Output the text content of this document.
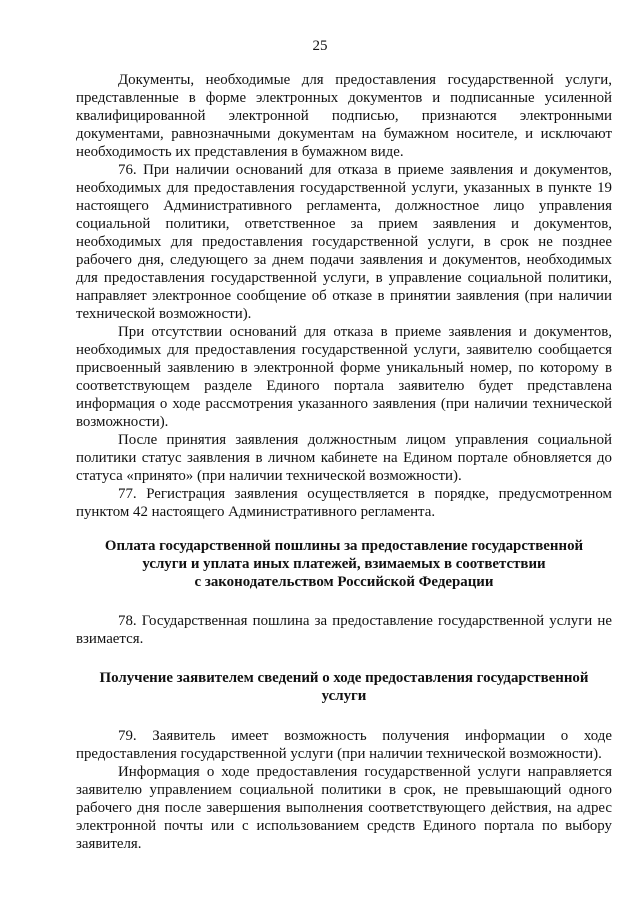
25

Документы, необходимые для предоставления государственной услуги, представленные в форме электронных документов и подписанные усиленной квалифицированной электронной подписью, признаются электронными документами, равнозначными документам на бумажном носителе, и исключают необходимость их представления в бумажном виде.

76. При наличии оснований для отказа в приеме заявления и документов, необходимых для предоставления государственной услуги, указанных в пункте 19 настоящего Административного регламента, должностное лицо управления социальной политики, ответственное за прием заявления и документов, необходимых для предоставления государственной услуги, в срок не позднее рабочего дня, следующего за днем подачи заявления и документов, необходимых для предоставления государственной услуги, в управление социальной политики, направляет электронное сообщение об отказе в принятии заявления (при наличии технической возможности).

При отсутствии оснований для отказа в приеме заявления и документов, необходимых для предоставления государственной услуги, заявителю сообщается присвоенный заявлению в электронной форме уникальный номер, по которому в соответствующем разделе Единого портала заявителю будет представлена информация о ходе рассмотрения указанного заявления (при наличии технической возможности).

После принятия заявления должностным лицом управления социальной политики статус заявления в личном кабинете на Едином портале обновляется до статуса «принято» (при наличии технической возможности).

77. Регистрация заявления осуществляется в порядке, предусмотренном пунктом 42 настоящего Административного регламента.

Оплата государственной пошлины за предоставление государственной
услуги и уплата иных платежей, взимаемых в соответствии
с законодательством Российской Федерации

78. Государственная пошлина за предоставление государственной услуги не взимается.

Получение заявителем сведений о ходе предоставления государственной
услуги

79. Заявитель имеет возможность получения информации о ходе предоставления государственной услуги (при наличии технической возможности).

Информация о ходе предоставления государственной услуги направляется заявителю управлением социальной политики в срок, не превышающий одного рабочего дня после завершения выполнения соответствующего действия, на адрес электронной почты или с использованием средств Единого портала по выбору заявителя.
